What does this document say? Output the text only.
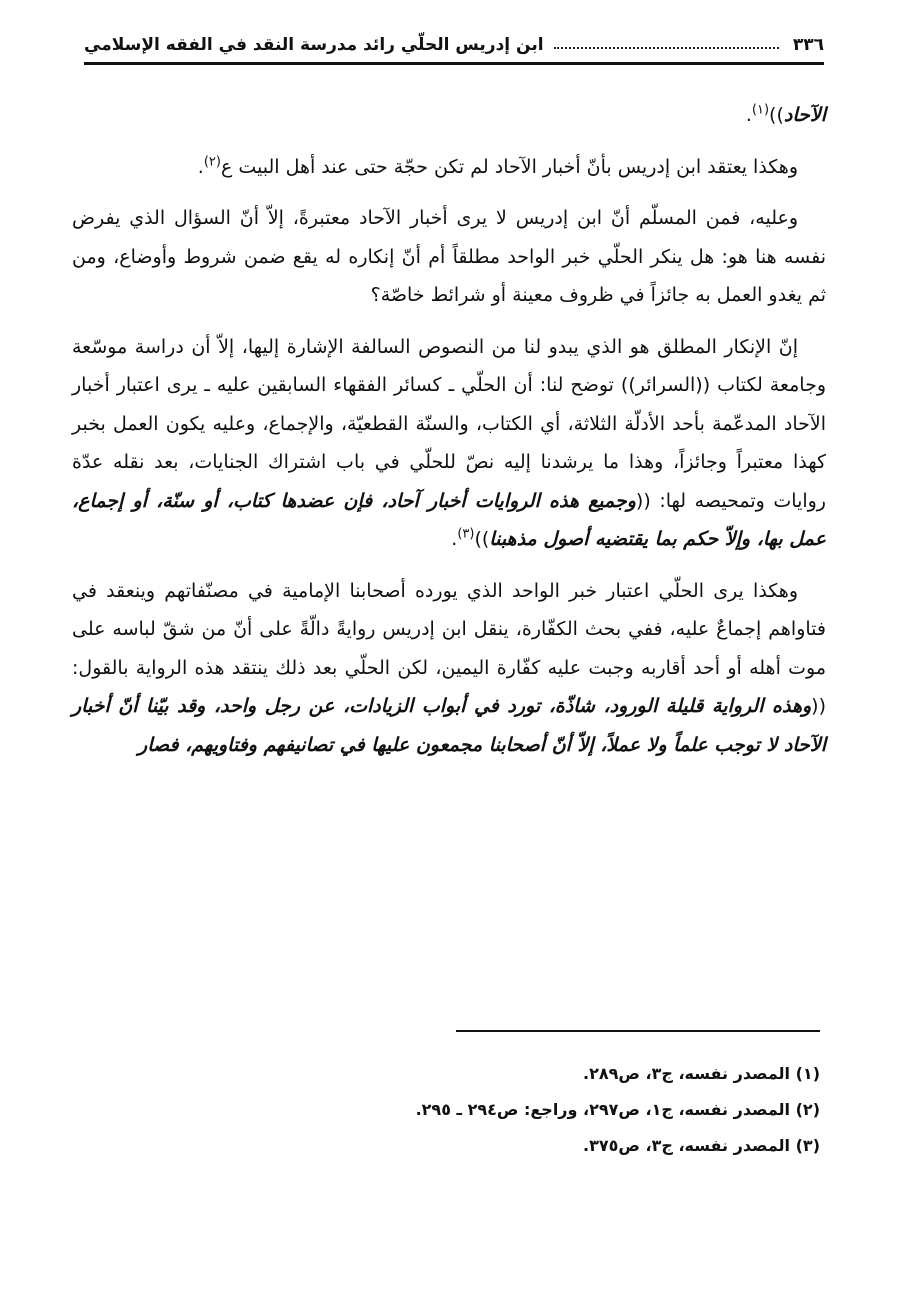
٣٣٦
ابن إدريس الحلّي رائد مدرسة النقد في الفقه الإسلامي

الآحاد))$^{(١)}$.

وهكذا يعتقد ابن إدريس بأنّ أخبار الآحاد لم تكن حجّة حتى عند أهل البيت ع$^{(٢)}$.

وعليه، فمن المسلّم أنّ ابن إدريس لا يرى أخبار الآحاد معتبرةً، إلاّ أنّ السؤال الذي يفرض نفسه هنا هو: هل ينكر الحلّي خبر الواحد مطلقاً أم أنّ إنكاره له يقع ضمن شروط وأوضاع، ومن ثم يغدو العمل به جائزاً في ظروف معينة أو شرائط خاصّة؟

إنّ الإنكار المطلق هو الذي يبدو لنا من النصوص السالفة الإشارة إليها، إلاّ أن دراسة موسّعة وجامعة لكتاب ((السرائر)) توضح لنا: أن الحلّي ـ كسائر الفقهاء السابقين عليه ـ يرى اعتبار أخبار الآحاد المدعّمة بأحد الأدلّة الثلاثة، أي الكتاب، والسنّة القطعيّة، والإجماع، وعليه يكون العمل بخبر كهذا معتبراً وجائزاً، وهذا ما يرشدنا إليه نصّ للحلّي في باب اشتراك الجنايات، بعد نقله عدّة روايات وتمحيصه لها: ((وجميع هذه الروايات أخبار آحاد، فإن عضدها كتاب، أو سنّة، أو إجماع، عمل بها، وإلاّ حكم بما يقتضيه أصول مذهبنا))$^{(٣)}$.

وهكذا يرى الحلّي اعتبار خبر الواحد الذي يورده أصحابنا الإمامية في مصنّفاتهم وينعقد في فتاواهم إجماعٌ عليه، ففي بحث الكفّارة، ينقل ابن إدريس روايةً دالّةً على أنّ من شقّ لباسه على موت أهله أو أحد أقاربه وجبت عليه كفّارة اليمين، لكن الحلّي بعد ذلك ينتقد هذه الرواية بالقول: ((وهذه الرواية قليلة الورود، شاذّة، تورد في أبواب الزيادات، عن رجل واحد، وقد بيّنا أنّ أخبار الآحاد لا توجب علماً ولا عملاً، إلاّ أنّ أصحابنا مجمعون عليها في تصانيفهم وفتاويهم، فصار

(١) المصدر نفسه، ج٣، ص٢٨٩.
(٢) المصدر نفسه، ج١، ص٢٩٧، وراجع: ص٢٩٤ ـ ٢٩٥.
(٣) المصدر نفسه، ج٣، ص٣٧٥.
